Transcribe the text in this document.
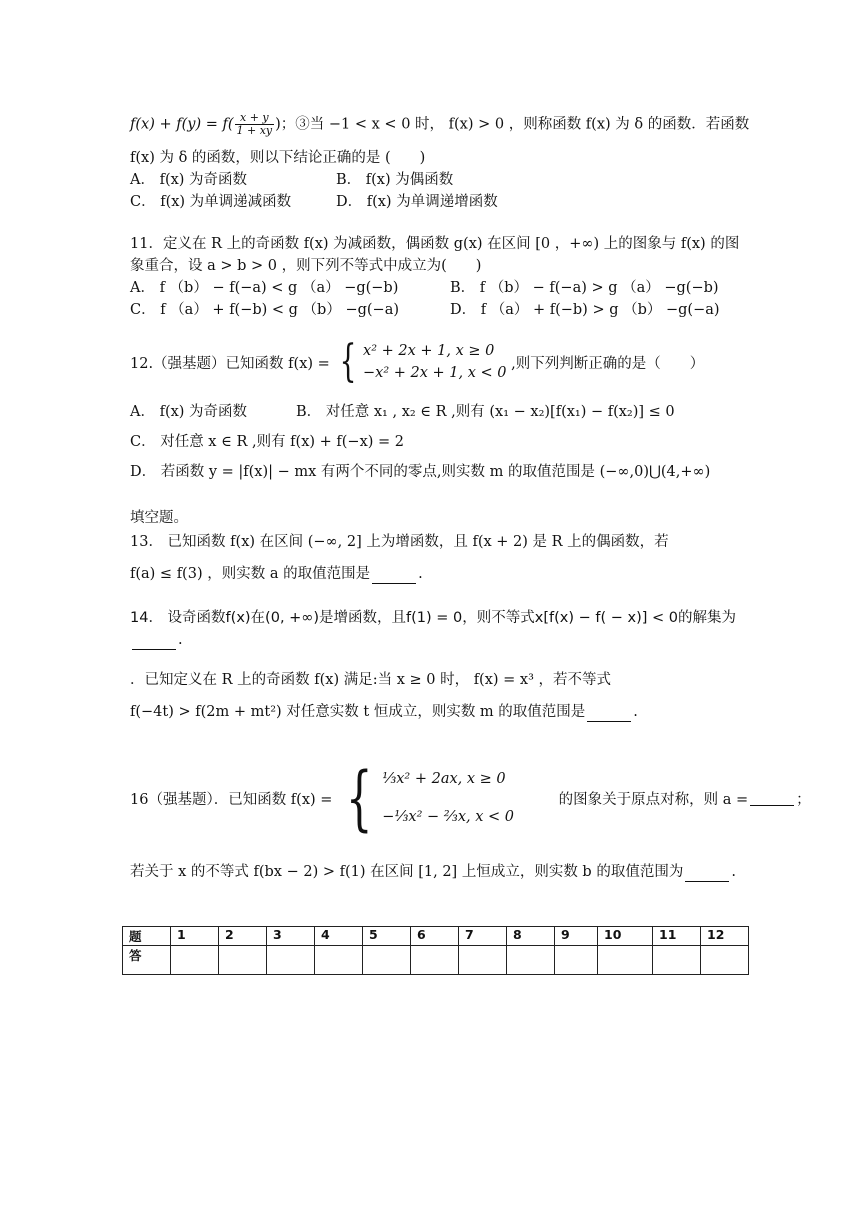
$f(x) + f(y) = f( \frac{x + y}{1 + xy}$ )；③当 −1 < x < 0 时， f(x) > 0 ，则称函数 f(x) 为 δ 的函数．若函数
f(x) 为 δ 的函数，则以下结论正确的是 (　　)
A． f(x) 为奇函数	B． f(x) 为偶函数
C． f(x) 为单调递减函数	D． f(x) 为单调递增函数
11．定义在 R 上的奇函数 f(x) 为减函数，偶函数 g(x) 在区间 [0 ，+∞) 上的图象与 f(x) 的图
象重合，设 a > b > 0 ，则下列不等式中成立为(　　)
A． f （b） − f(−a) < g （a） −g(−b)	B． f （b） − f(−a) > g （a） −g(−b)
C． f （a） + f(−b) < g （b） −g(−a)	D． f （a） + f(−b) > g （b） −g(−a)
12.（强基题）已知函数 f(x) = { x² + 2x + 1, x ≥ 0
−x² + 2x + 1, x < 0
,则下列判断正确的是（　　）
A． f(x) 为奇函数	B． 对任意 x₁ , x₂ ∈ R ,则有 (x₁ − x₂)[f(x₁) − f(x₂)] ≤ 0
C． 对任意 x ∈ R ,则有 f(x) + f(−x) = 2
D． 若函数 y = |f(x)| − mx 有两个不同的零点,则实数 m 的取值范围是 (−∞,0)⋃(4,+∞)
填空题。
13． 已知函数 f(x) 在区间 (−∞, 2] 上为增函数，且 f(x + 2) 是 R 上的偶函数，若
f(a) ≤ f(3) ，则实数 a 的取值范围是	.
14． 设奇函数f(x)在(0, +∞)是增函数，且f(1) = 0，则不等式x[f(x) − f( − x)] < 0的解集为
.
．已知定义在 R 上的奇函数 f(x) 满足:当 x ≥ 0 时， f(x) = x³ ，若不等式
f(−4t) > f(2m + mt²) 对任意实数 t 恒成立，则实数 m 的取值范围是	.
16（强基题）．已知函数 f(x) = { ⅓x² + 2ax, x ≥ 0
−⅓x² − ⅔x, x < 0
的图象关于原点对称，则 a =	；
若关于 x 的不等式 f(bx − 2) > f(1) 在区间 [1, 2] 上恒成立，则实数 b 的取值范围为	.
题	1	2	3	4	5	6	7	8	9	10	11	12
答												
